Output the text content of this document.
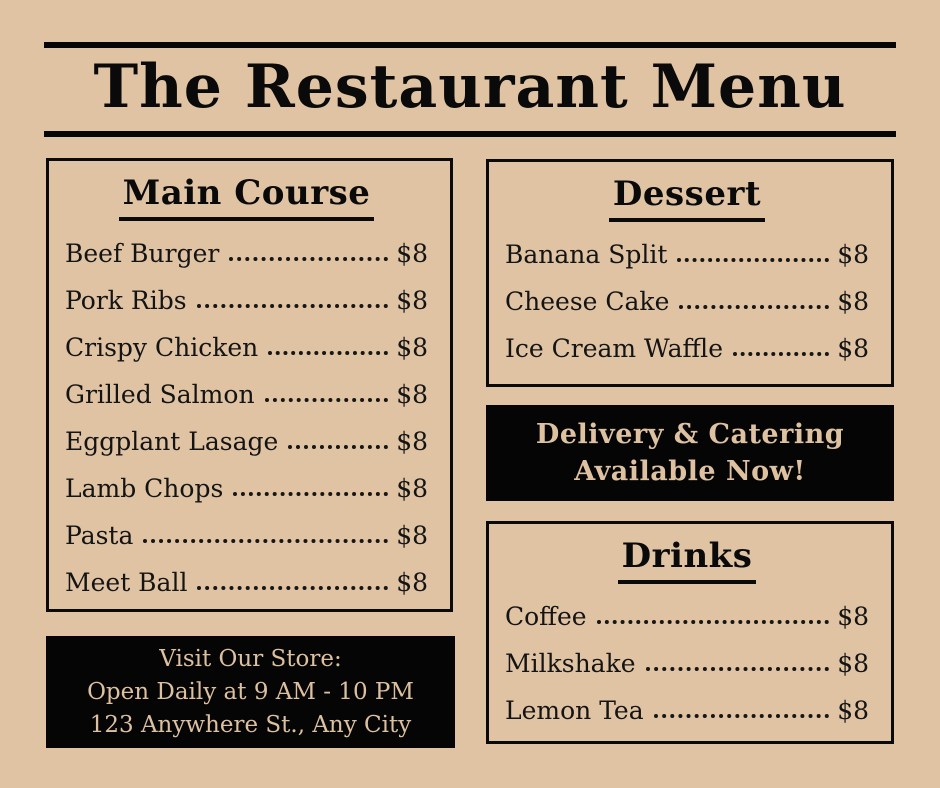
The Restaurant Menu
Main Course
Beef Burger	$8
Pork Ribs	$8
Crispy Chicken	$8
Grilled Salmon	$8
Eggplant Lasage	$8
Lamb Chops	$8
Pasta	$8
Meet Ball	$8

Visit Our Store:

Open Daily at 9 AM - 10 PM

123 Anywhere St., Any City

Dessert
Banana Split	$8
Cheese Cake	$8
Ice Cream Waffle	$8

Delivery & Catering

Available Now!

Drinks
Coffee	$8
Milkshake	$8
Lemon Tea	$8
